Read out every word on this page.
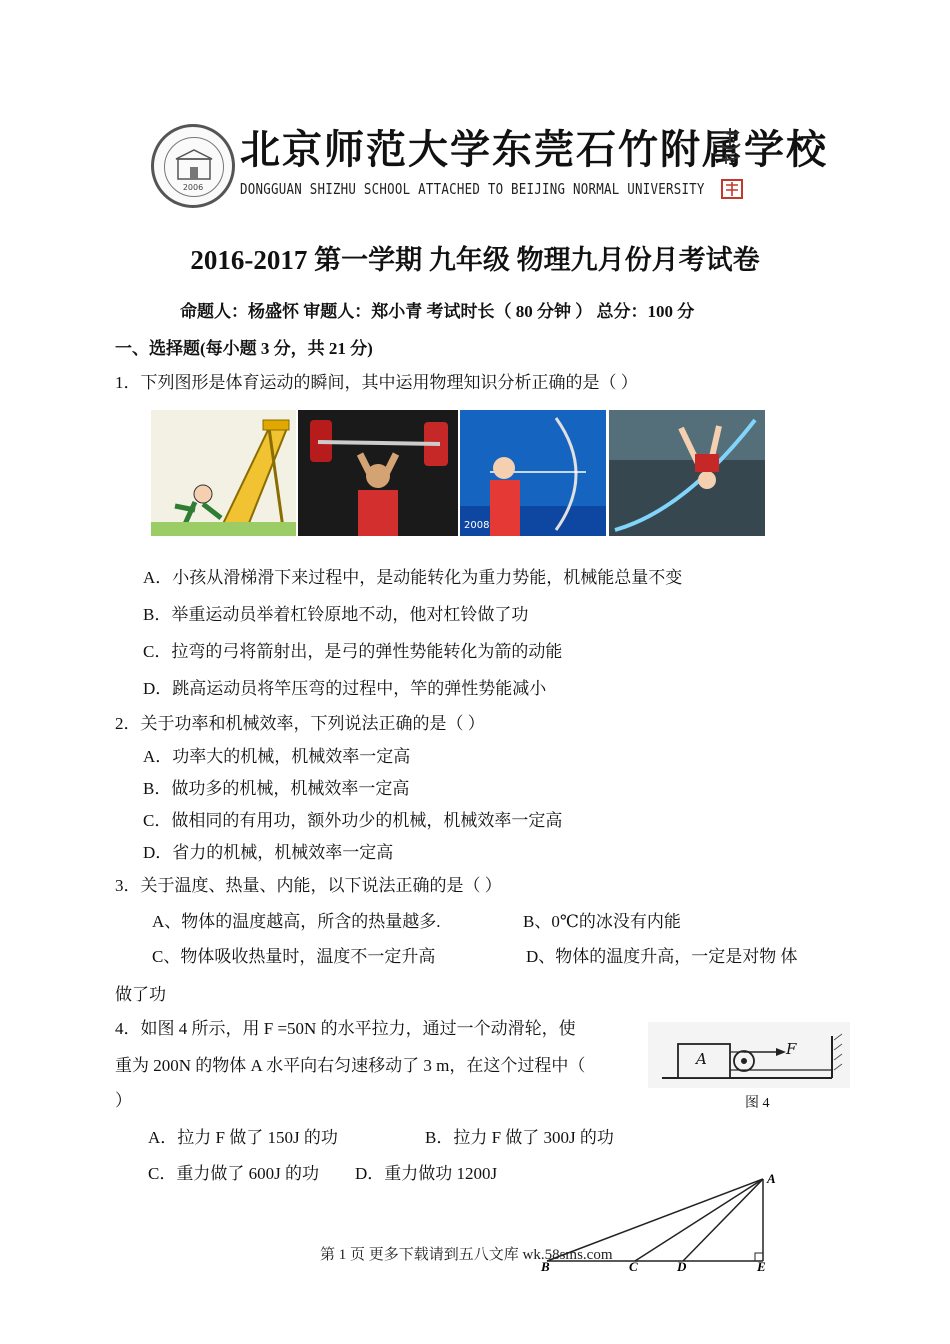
2006
北京师范大学东莞石竹附属学校
DONGGUAN SHIZHU SCHOOL ATTACHED TO BEIJING NORMAL UNIVERSITY
2016-2017 第一学期 九年级 物理九月份月考试卷
命题人：杨盛怀 审题人：郑小青 考试时长（ 80 分钟 ） 总分：100 分
一、选择题(每小题 3 分，共 21 分)
1．下列图形是体育运动的瞬间，其中运用物理知识分析正确的是（ ）
2008
A．小孩从滑梯滑下来过程中，是动能转化为重力势能，机械能总量不变
B．举重运动员举着杠铃原地不动，他对杠铃做了功
C．拉弯的弓将箭射出，是弓的弹性势能转化为箭的动能
D．跳高运动员将竿压弯的过程中，竿的弹性势能减小
2．关于功率和机械效率，下列说法正确的是（ ）
A．功率大的机械，机械效率一定高
B．做功多的机械，机械效率一定高
C．做相同的有用功，额外功少的机械，机械效率一定高
D．省力的机械，机械效率一定高
3．关于温度、热量、内能，以下说法正确的是（ ）
A、物体的温度越高，所含的热量越多.	B、0℃的冰没有内能
C、物体吸收热量时，温度不一定升高	D、物体的温度升高，一定是对物 体
做了功
4．如图 4 所示，用 F =50N 的水平拉力，通过一个动滑轮，使
重为 200N 的物体 A 水平向右匀速移动了 3 m，在这个过程中（
）
A
F
图 4
A．拉力 F 做了 150J 的功	B．拉力 F 做了 300J 的功
C．重力做了 600J 的功 D．重力做功 1200J	A
B	C	D	E
第 1 页 更多下载请到五八文库 wk.58sms.com
